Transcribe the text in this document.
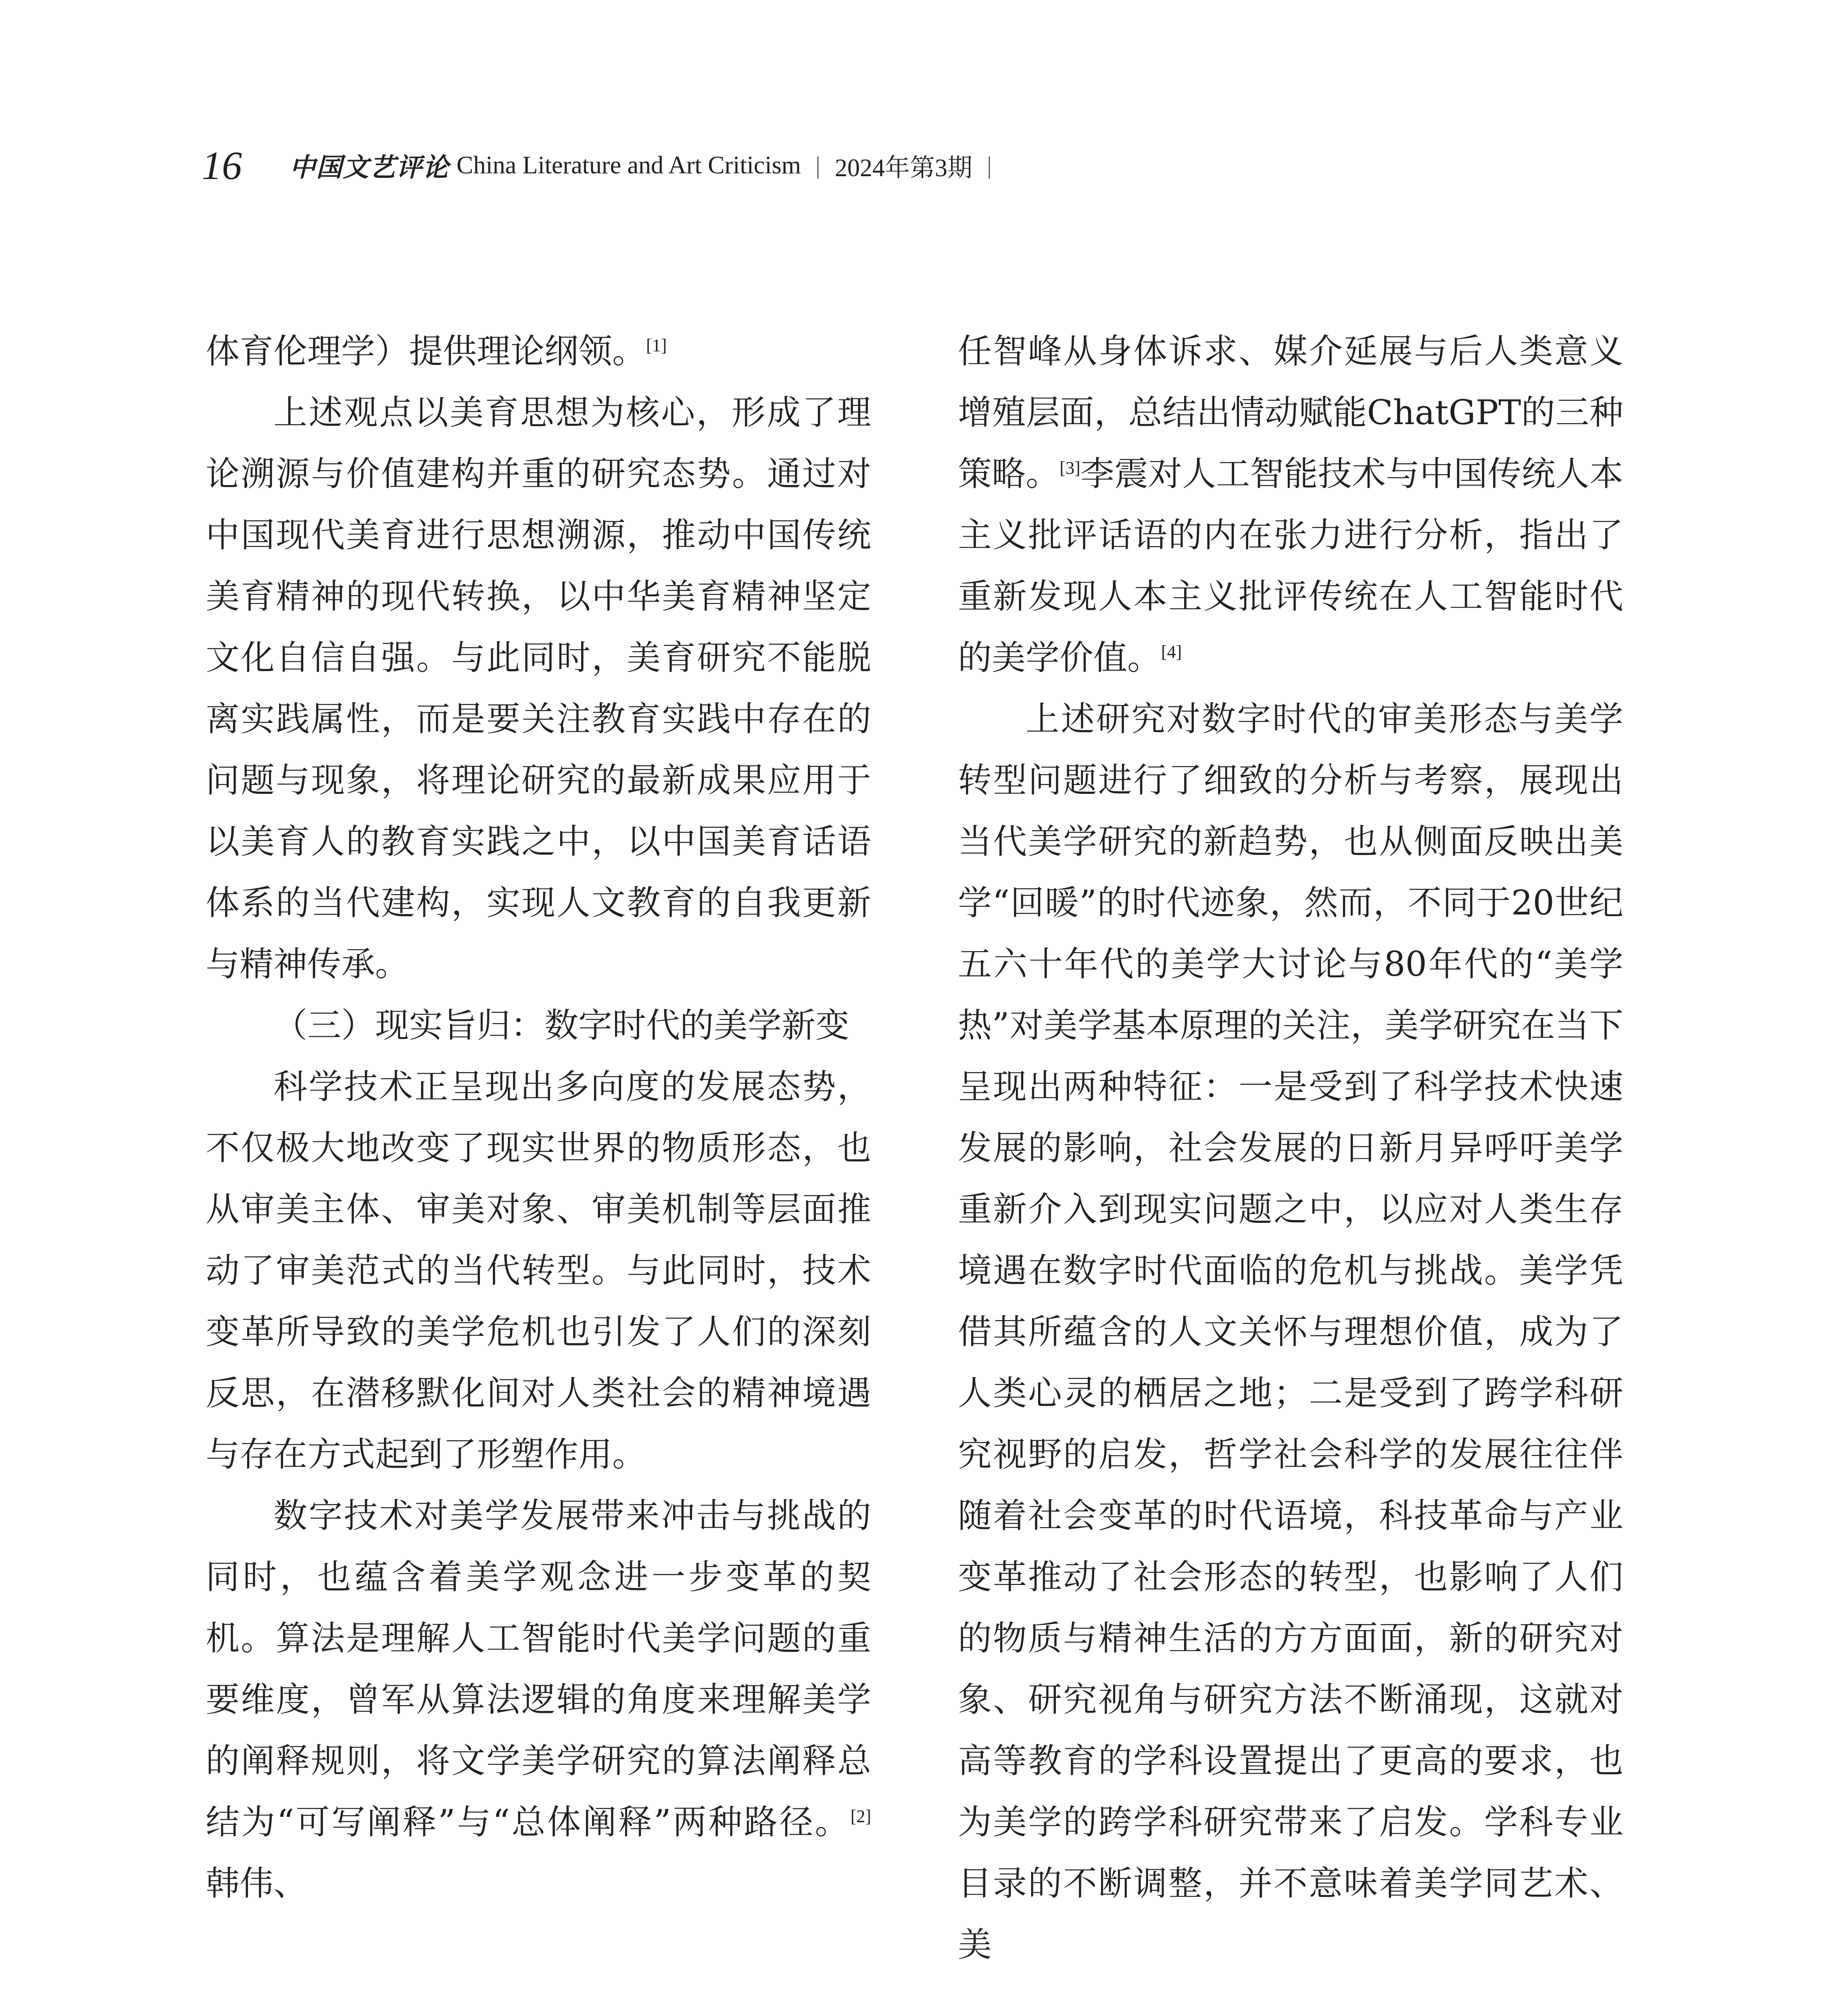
16 中国文艺评论 China Literature and Art Criticism | 2024年第3期 |

体育伦理学）提供理论纲领。[1]

上述观点以美育思想为核心，形成了理论溯源与价值建构并重的研究态势。通过对中国现代美育进行思想溯源，推动中国传统美育精神的现代转换，以中华美育精神坚定文化自信自强。与此同时，美育研究不能脱离实践属性，而是要关注教育实践中存在的问题与现象，将理论研究的最新成果应用于以美育人的教育实践之中，以中国美育话语体系的当代建构，实现人文教育的自我更新与精神传承。

（三）现实旨归：数字时代的美学新变

科学技术正呈现出多向度的发展态势，不仅极大地改变了现实世界的物质形态，也从审美主体、审美对象、审美机制等层面推动了审美范式的当代转型。与此同时，技术变革所导致的美学危机也引发了人们的深刻反思，在潜移默化间对人类社会的精神境遇与存在方式起到了形塑作用。

数字技术对美学发展带来冲击与挑战的同时，也蕴含着美学观念进一步变革的契机。算法是理解人工智能时代美学问题的重要维度，曾军从算法逻辑的角度来理解美学的阐释规则，将文学美学研究的算法阐释总结为“可写阐释”与“总体阐释”两种路径。[2]韩伟、

任智峰从身体诉求、媒介延展与后人类意义增殖层面，总结出情动赋能ChatGPT的三种策略。[3]李震对人工智能技术与中国传统人本主义批评话语的内在张力进行分析，指出了重新发现人本主义批评传统在人工智能时代的美学价值。[4]

上述研究对数字时代的审美形态与美学转型问题进行了细致的分析与考察，展现出当代美学研究的新趋势，也从侧面反映出美学“回暖”的时代迹象，然而，不同于20世纪五六十年代的美学大讨论与80年代的“美学热”对美学基本原理的关注，美学研究在当下呈现出两种特征：一是受到了科学技术快速发展的影响，社会发展的日新月异呼吁美学重新介入到现实问题之中，以应对人类生存境遇在数字时代面临的危机与挑战。美学凭借其所蕴含的人文关怀与理想价值，成为了人类心灵的栖居之地；二是受到了跨学科研究视野的启发，哲学社会科学的发展往往伴随着社会变革的时代语境，科技革命与产业变革推动了社会形态的转型，也影响了人们的物质与精神生活的方方面面，新的研究对象、研究视角与研究方法不断涌现，这就对高等教育的学科设置提出了更高的要求，也为美学的跨学科研究带来了启发。学科专业目录的不断调整，并不意味着美学同艺术、美
